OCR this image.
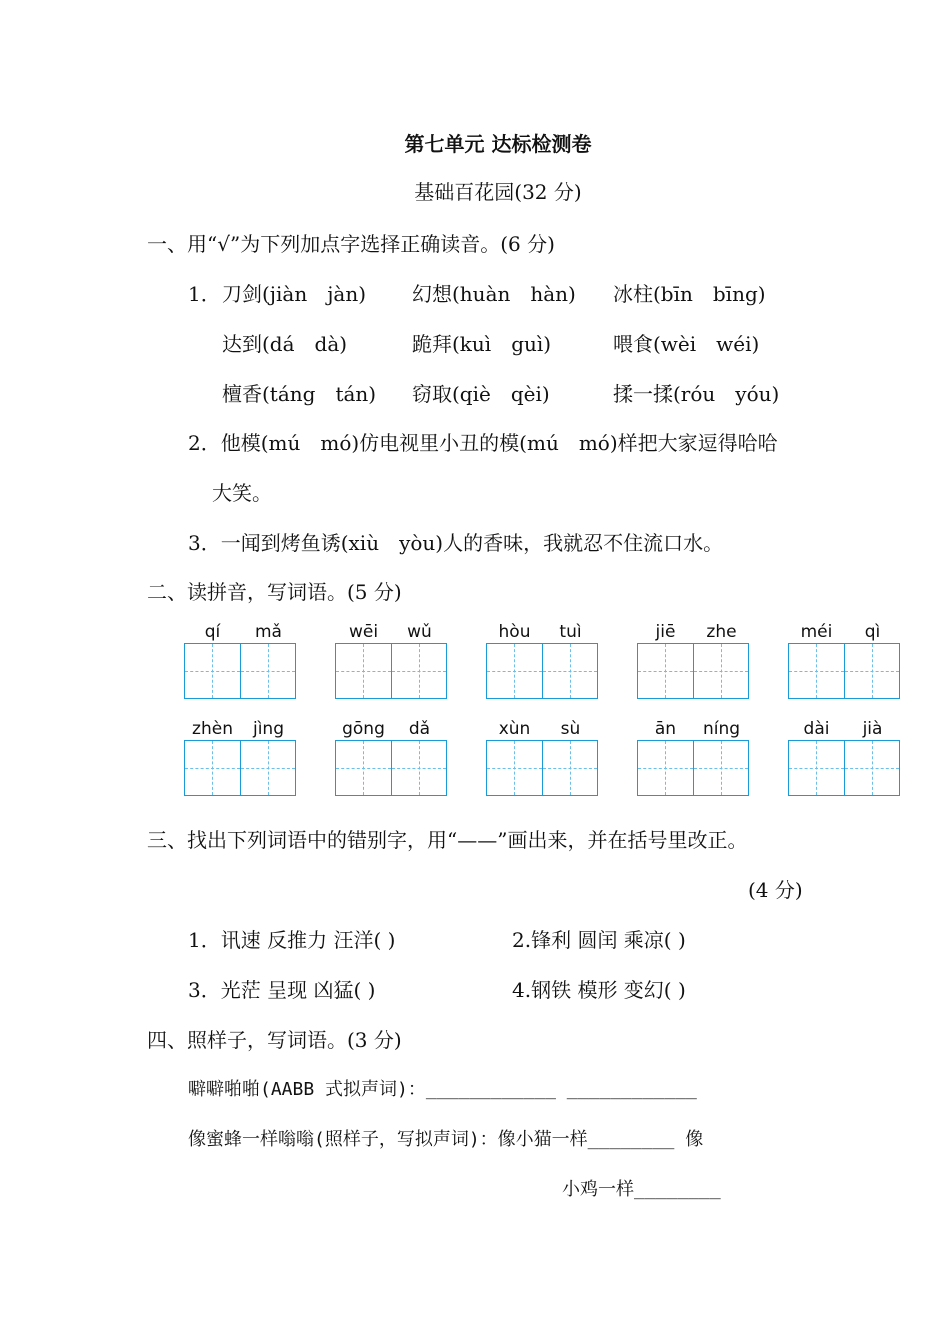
第七单元 达标检测卷
基础百花园(32 分)
一、用“√”为下列加点字选择正确读音。(6 分)
1． 刀剑(jiàn　jàn) 幻想(huàn　hàn) 冰柱(bīn　bīng)
达到(dá　dà)	跪拜(kuì　guì)	喂食(wèi　wéi)
檀香(táng　tán) 窃取(qiè　qèi)	揉一揉(róu　yóu)
2．他模(mú　mó)仿电视里小丑的模(mú　mó)样把大家逗得哈哈
大笑。
3．一闻到烤鱼诱(xiù　yòu)人的香味，我就忍不住流口水。
二、读拼音，写词语。(5 分)
qí	mǎ	wēi	wǔ	hòu	tuì	jiē	zhe	méi	qì
zhèn	jìng	gōng	dǎ	xùn	sù	ān	níng	dài	jià
三、找出下列词语中的错别字，用“——”画出来，并在括号里改正。
(4 分)
1．讯速 反推力 汪洋( )	2.锋利 圆闰 乘凉( )
3．光茫 呈现 凶猛( )	4.钢铁 模形 变幻( )
四、照样子，写词语。(3 分)
噼噼啪啪(AABB 式拟声词)：____________ ____________
像蜜蜂一样嗡嗡(照样子，写拟声词)：像小猫一样________ 像
小鸡一样________
